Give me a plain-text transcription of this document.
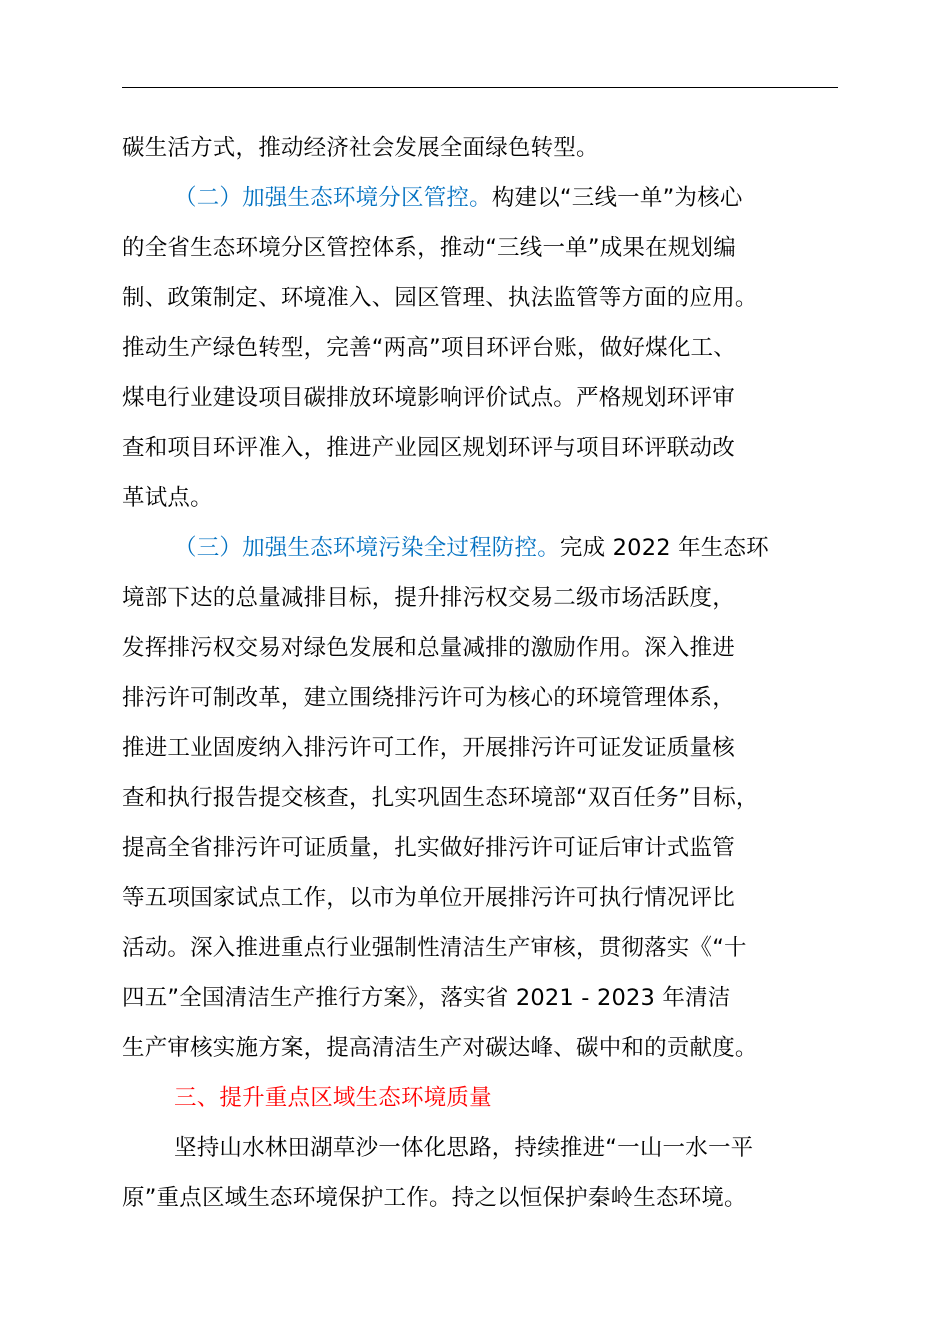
碳生活方式，推动经济社会发展全面绿色转型。

（二）加强生态环境分区管控。构建以“三线一单”为核心
的全省生态环境分区管控体系，推动“三线一单”成果在规划编
制、政策制定、环境准入、园区管理、执法监管等方面的应用。
推动生产绿色转型，完善“两高”项目环评台账，做好煤化工、
煤电行业建设项目碳排放环境影响评价试点。严格规划环评审
查和项目环评准入，推进产业园区规划环评与项目环评联动改
革试点。

（三）加强生态环境污染全过程防控。完成 2022 年生态环
境部下达的总量减排目标，提升排污权交易二级市场活跃度，
发挥排污权交易对绿色发展和总量减排的激励作用。深入推进
排污许可制改革，建立围绕排污许可为核心的环境管理体系，
推进工业固废纳入排污许可工作，开展排污许可证发证质量核
查和执行报告提交核查，扎实巩固生态环境部“双百任务”目标，
提高全省排污许可证质量，扎实做好排污许可证后审计式监管
等五项国家试点工作，以市为单位开展排污许可执行情况评比
活动。深入推进重点行业强制性清洁生产审核，贯彻落实《“十
四五”全国清洁生产推行方案》，落实省 2021 - 2023 年清洁
生产审核实施方案，提高清洁生产对碳达峰、碳中和的贡献度。

三、提升重点区域生态环境质量

坚持山水林田湖草沙一体化思路，持续推进“一山一水一平
原”重点区域生态环境保护工作。持之以恒保护秦岭生态环境。
